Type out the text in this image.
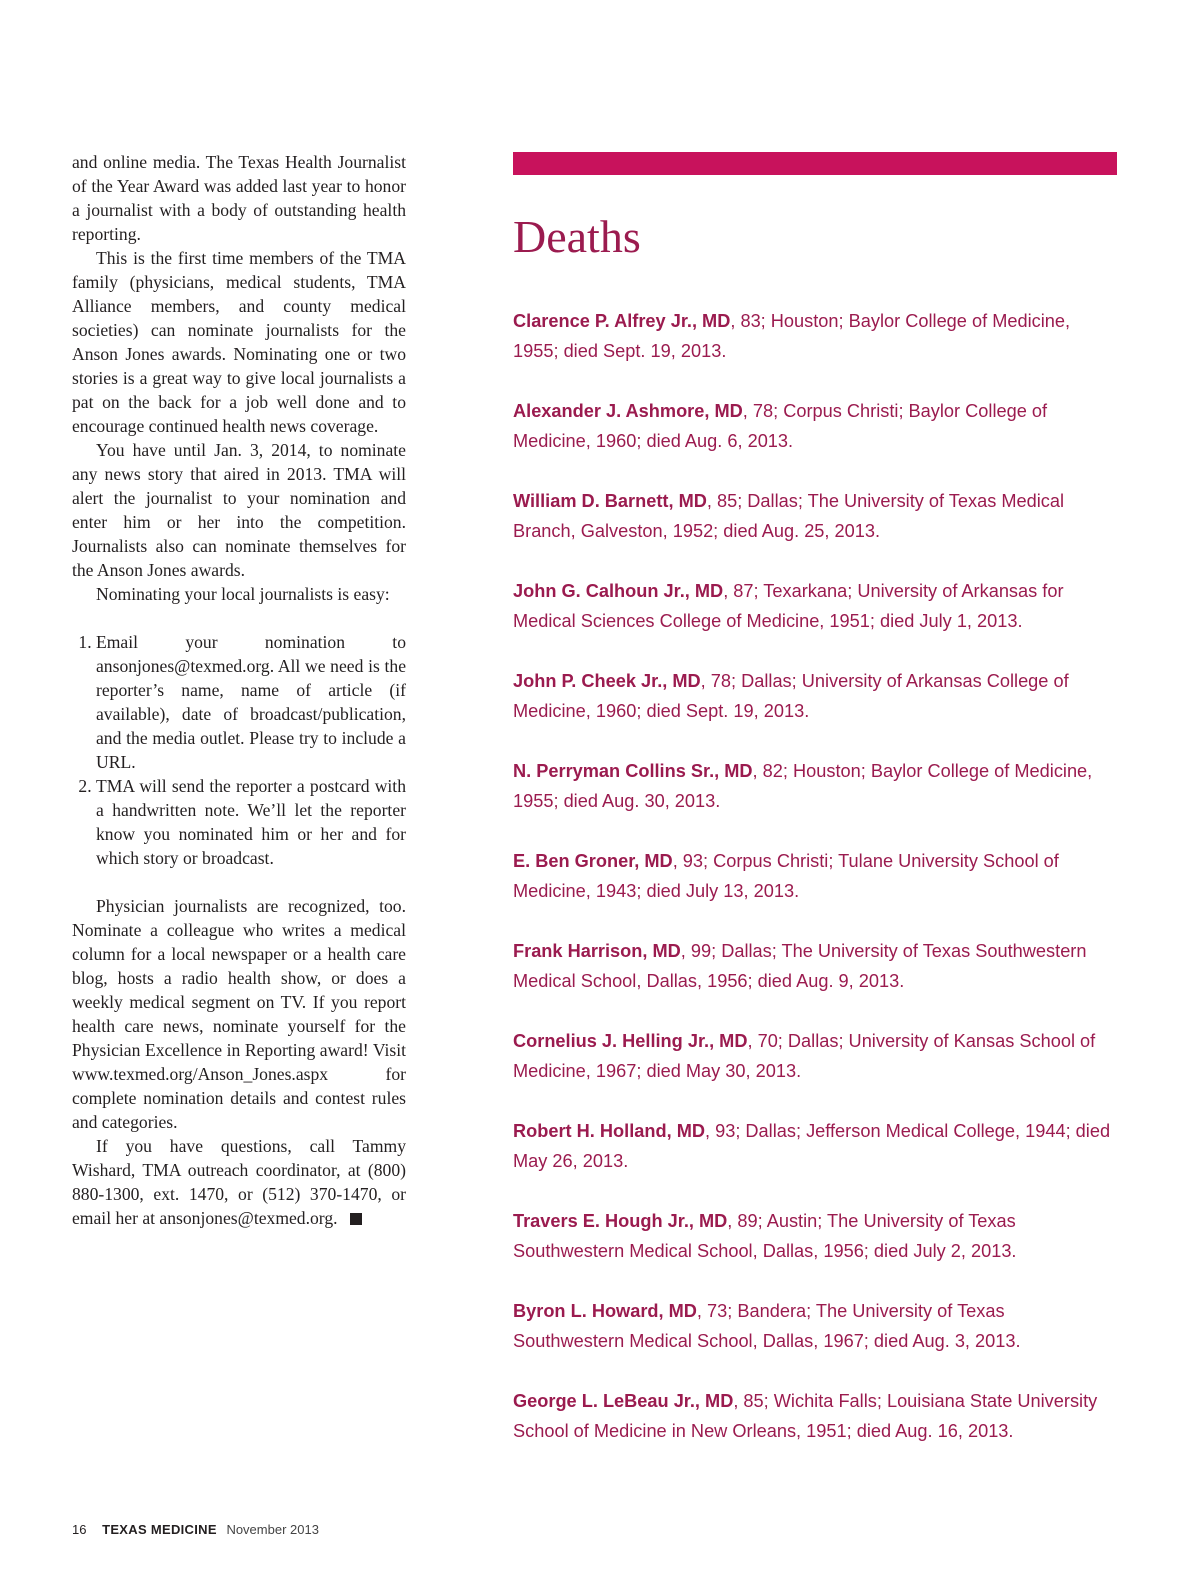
and online media. The Texas Health Journalist of the Year Award was added last year to honor a journalist with a body of outstanding health reporting.

This is the first time members of the TMA family (physicians, medical students, TMA Alliance members, and county medical societies) can nominate journalists for the Anson Jones awards. Nominating one or two stories is a great way to give local journalists a pat on the back for a job well done and to encourage continued health news coverage.

You have until Jan. 3, 2014, to nominate any news story that aired in 2013. TMA will alert the journalist to your nomination and enter him or her into the competition. Journalists also can nominate themselves for the Anson Jones awards.

Nominating your local journalists is easy:

1. Email your nomination to ansonjones@texmed.org. All we need is the reporter’s name, name of article (if available), date of broadcast/publication, and the media outlet. Please try to include a URL.
2. TMA will send the reporter a postcard with a handwritten note. We’ll let the reporter know you nominated him or her and for which story or broadcast.

Physician journalists are recognized, too. Nominate a colleague who writes a medical column for a local newspaper or a health care blog, hosts a radio health show, or does a weekly medical segment on TV. If you report health care news, nominate yourself for the Physician Excellence in Reporting award! Visit www.texmed.org/Anson_Jones.aspx for complete nomination details and contest rules and categories.

If you have questions, call Tammy Wishard, TMA outreach coordinator, at (800) 880-1300, ext. 1470, or (512) 370-1470, or email her at ansonjones@texmed.org.

Deaths

Clarence P. Alfrey Jr., MD, 83; Houston; Baylor College of Medicine, 1955; died Sept. 19, 2013.

Alexander J. Ashmore, MD, 78; Corpus Christi; Baylor College of Medicine, 1960; died Aug. 6, 2013.

William D. Barnett, MD, 85; Dallas; The University of Texas Medical Branch, Galveston, 1952; died Aug. 25, 2013.

John G. Calhoun Jr., MD, 87; Texarkana; University of Arkansas for Medical Sciences College of Medicine, 1951; died July 1, 2013.

John P. Cheek Jr., MD, 78; Dallas; University of Arkansas College of Medicine, 1960; died Sept. 19, 2013.

N. Perryman Collins Sr., MD, 82; Houston; Baylor College of Medicine, 1955; died Aug. 30, 2013.

E. Ben Groner, MD, 93; Corpus Christi; Tulane University School of Medicine, 1943; died July 13, 2013.

Frank Harrison, MD, 99; Dallas; The University of Texas Southwestern Medical School, Dallas, 1956; died Aug. 9, 2013.

Cornelius J. Helling Jr., MD, 70; Dallas; University of Kansas School of Medicine, 1967; died May 30, 2013.

Robert H. Holland, MD, 93; Dallas; Jefferson Medical College, 1944; died May 26, 2013.

Travers E. Hough Jr., MD, 89; Austin; The University of Texas Southwestern Medical School, Dallas, 1956; died July 2, 2013.

Byron L. Howard, MD, 73; Bandera; The University of Texas Southwestern Medical School, Dallas, 1967; died Aug. 3, 2013.

George L. LeBeau Jr., MD, 85; Wichita Falls; Louisiana State University School of Medicine in New Orleans, 1951; died Aug. 16, 2013.

16 TEXAS MEDICINE November 2013
